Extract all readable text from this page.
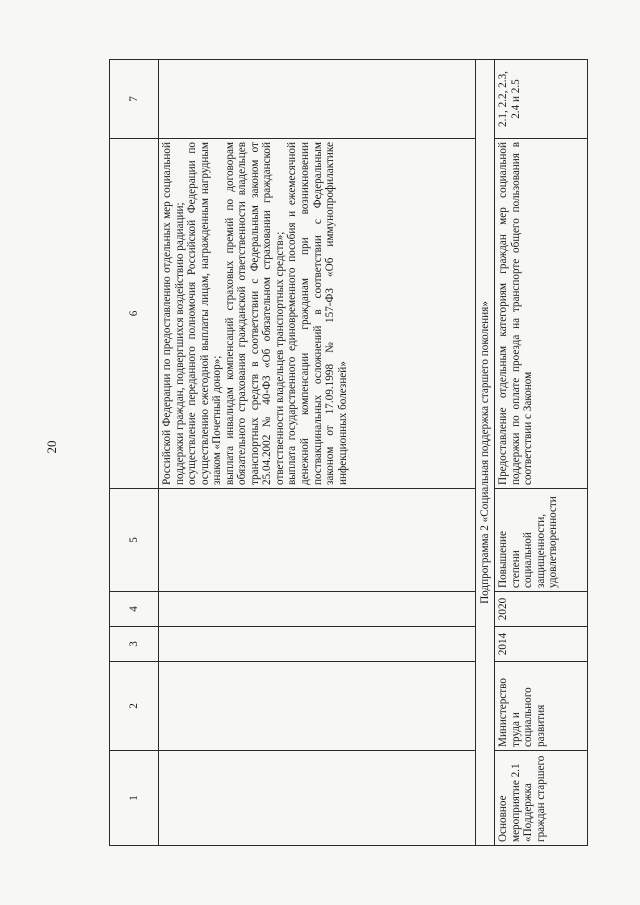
20
1	2	3	4	5	6	7
					Российской Федерации по предоставлению отдельных мер социальной поддержки граждан, подвергшихся воздействию радиации;
осуществление переданного полномочия Российской Федерации по осуществлению ежегодной выплаты лицам, награжденным нагрудным знаком «Почетный донор»;
выплата инвалидам компенсаций страховых премий по договорам обязательного страхования гражданской ответственности владельцев транспортных средств в соответствии с Федеральным законом от 25.04.2002 № 40-ФЗ «Об обязательном страховании гражданской ответственности владельцев транспортных средств»;
выплата государственного единовременного пособия и ежемесячной денежной компенсации гражданам при возникновении поствакцинальных осложнений в соответствии с Федеральным законом от 17.09.1998 № 157-ФЗ «Об иммунопрофилактике инфекционных болезней»	
Подпрограмма 2 «Социальная поддержка старшего поколения»						
Основное мероприятие 2.1 «Поддержка граждан старшего	Министерство труда и социального развития	2014	2020	Повышение степени социальной защищенности, удовлетворенности	Предоставление отдельным категориям граждан мер социальной поддержки по оплате проезда на транспорте общего пользования в соответствии с Законом	2.1, 2.2, 2.3, 2.4 и 2.5
